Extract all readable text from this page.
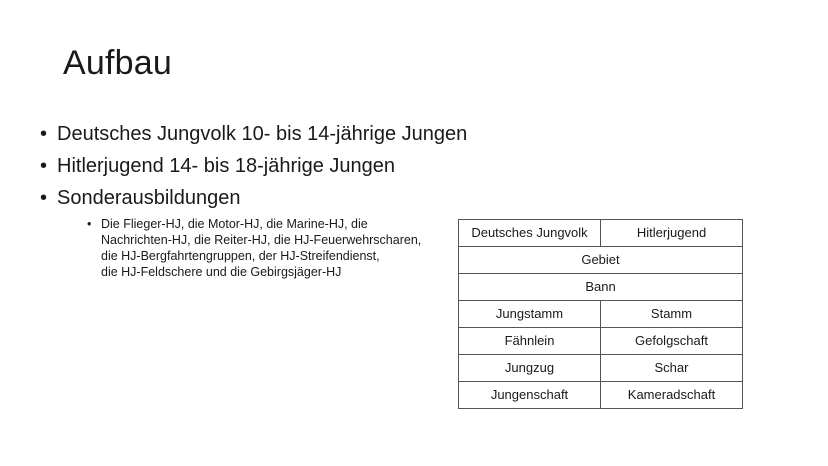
Aufbau
• Deutsches Jungvolk 10- bis 14-jährige Jungen
• Hitlerjugend 14- bis 18-jährige Jungen
• Sonderausbildungen
• Die Flieger-HJ, die Motor-HJ, die Marine-HJ, die
Nachrichten-HJ, die Reiter-HJ, die HJ-Feuerwehrscharen,
die HJ-Bergfahrtengruppen, der HJ-Streifendienst,
die HJ-Feldschere und die Gebirgsjäger-HJ
Deutsches Jungvolk	Hitlerjugend
Gebiet	
Bann	
Jungstamm	Stamm
Fähnlein	Gefolgschaft
Jungzug	Schar
Jungenschaft	Kameradschaft
